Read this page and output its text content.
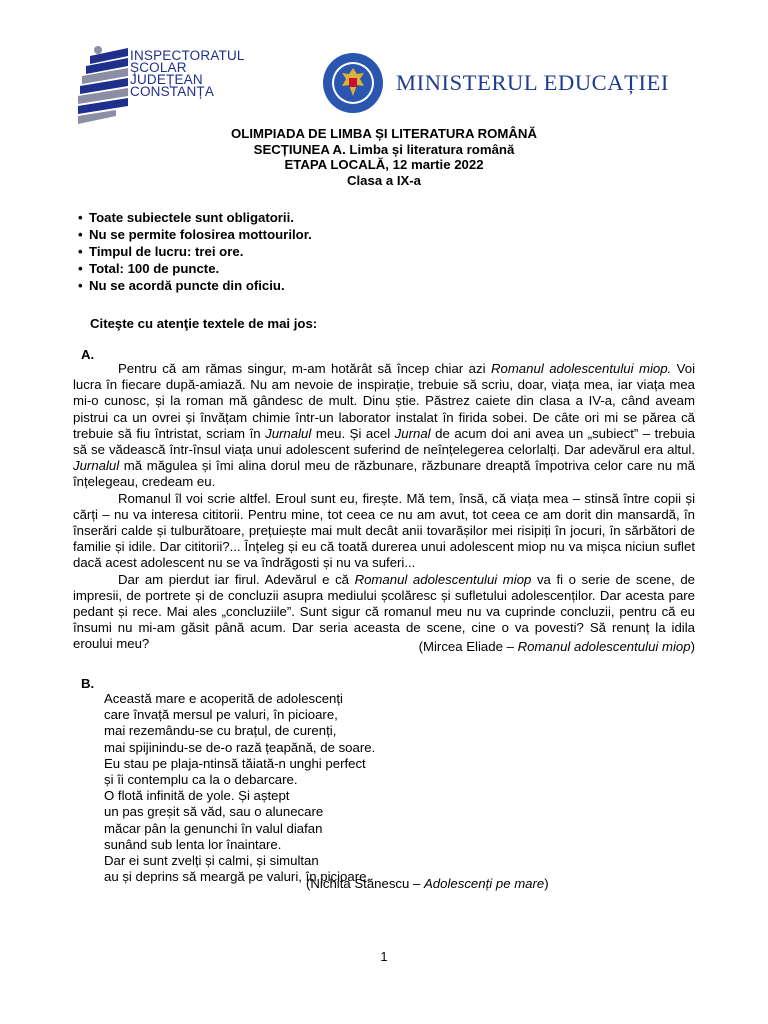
INSPECTORATUL
ȘCOLAR
JUDEȚEAN
CONSTANȚA	MINISTERUL EDUCAȚIEI
OLIMPIADA DE LIMBA ȘI LITERATURA ROMÂNĂ
SECȚIUNEA A. Limba și literatura română
ETAPA LOCALĂ, 12 martie 2022
Clasa a IX-a
• Toate subiectele sunt obligatorii.
• Nu se permite folosirea mottourilor.
• Timpul de lucru: trei ore.
• Total: 100 de puncte.
• Nu se acordă puncte din oficiu.
Citeşte cu atenţie textele de mai jos:
A.

Pentru că am rămas singur, m-am hotărât să încep chiar azi Romanul adolescentului miop. Voi lucra în fiecare după-amiază. Nu am nevoie de inspirație, trebuie să scriu, doar, viața mea, iar viața mea mi-o cunosc, și la roman mă gândesc de mult. Dinu știe. Păstrez caiete din clasa a IV-a, când aveam pistrui ca un ovrei și învățam chimie într-un laborator instalat în firida sobei. De câte ori mi se părea că trebuie să fiu întristat, scriam în Jurnalul meu. Și acel Jurnal de acum doi ani avea un „subiect” – trebuia să se vădească într-însul viața unui adolescent suferind de neînțelegerea celorlalți. Dar adevărul era altul. Jurnalul mă măgulea și îmi alina dorul meu de răzbunare, răzbunare dreaptă împotriva celor care nu mă înțelegeau, credeam eu.

Romanul îl voi scrie altfel. Eroul sunt eu, firește. Mă tem, însă, că viața mea – stinsă între copii și cărți – nu va interesa cititorii. Pentru mine, tot ceea ce nu am avut, tot ceea ce am dorit din mansardă, în înserări calde și tulburătoare, prețuiește mai mult decât anii tovarășilor mei risipiți în jocuri, în sărbători de familie și idile. Dar cititorii?... Înțeleg și eu că toată durerea unui adolescent miop nu va mișca niciun suflet dacă acest adolescent nu se va îndrăgosti și nu va suferi...

Dar am pierdut iar firul. Adevărul e că Romanul adolescentului miop va fi o serie de scene, de impresii, de portrete și de concluzii asupra mediului școlăresc și sufletului adolescenților. Dar acesta pare pedant și rece. Mai ales „concluziile”. Sunt sigur că romanul meu nu va cuprinde concluzii, pentru că eu însumi nu mi-am găsit până acum. Dar seria aceasta de scene, cine o va povesti? Să renunț la idila eroului meu?	(Mircea Eliade – Romanul adolescentului miop)
B.
Această mare e acoperită de adolescenți
care învață mersul pe valuri, în picioare,
mai rezemându-se cu brațul, de curenți,
mai spijinindu-se de-o rază țeapănă, de soare.
Eu stau pe plaja-ntinsă tăiată-n unghi perfect
și îi contemplu ca la o debarcare.
O flotă infinită de yole. Și aștept
un pas greșit să văd, sau o alunecare
măcar pân la genunchi în valul diafan
sunând sub lenta lor înaintare.
Dar ei sunt zvelți și calmi, și simultan
au și deprins să meargă pe valuri, în picioare.
(Nichita Stănescu – Adolescenți pe mare)
1
